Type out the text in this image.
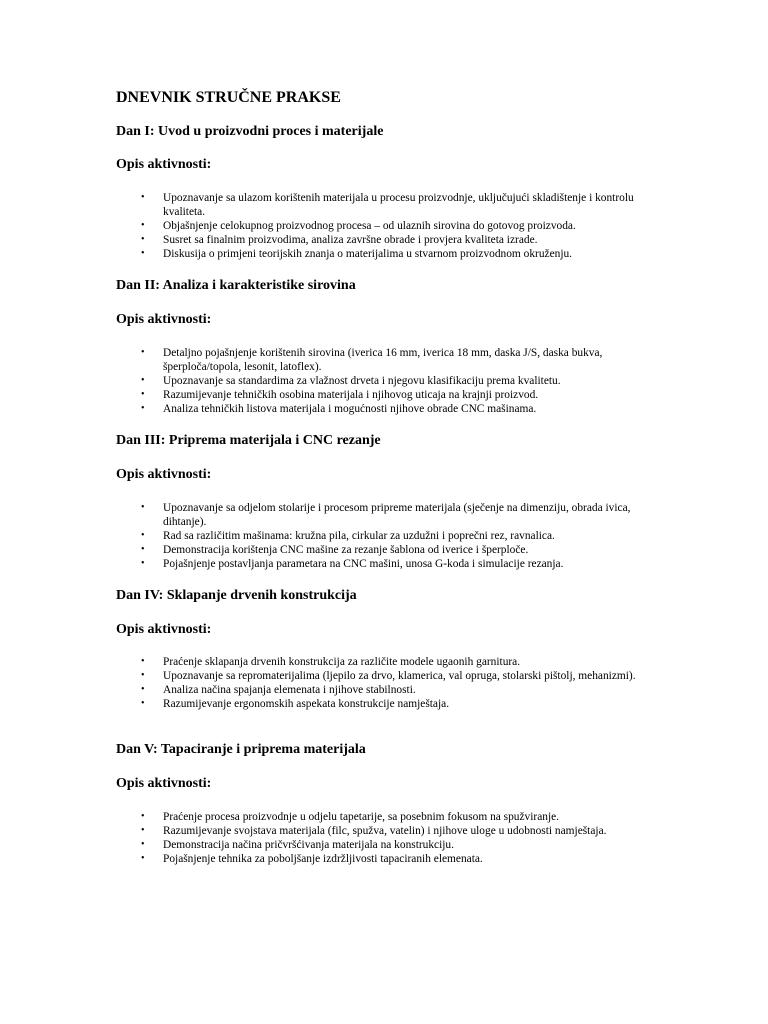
DNEVNIK STRUČNE PRAKSE
Dan I: Uvod u proizvodni proces i materijale
Opis aktivnosti:
• Upoznavanje sa ulazom korištenih materijala u procesu proizvodnje, uključujući skladištenje i kontrolu kvaliteta.
• Objašnjenje celokupnog proizvodnog procesa – od ulaznih sirovina do gotovog proizvoda.
• Susret sa finalnim proizvodima, analiza završne obrade i provjera kvaliteta izrade.
• Diskusija o primjeni teorijskih znanja o materijalima u stvarnom proizvodnom okruženju.
Dan II: Analiza i karakteristike sirovina
Opis aktivnosti:
• Detaljno pojašnjenje korištenih sirovina (iverica 16 mm, iverica 18 mm, daska J/S, daska bukva, šperploča/topola, lesonit, latoflex).
• Upoznavanje sa standardima za vlažnost drveta i njegovu klasifikaciju prema kvalitetu.
• Razumijevanje tehničkih osobina materijala i njihovog uticaja na krajnji proizvod.
• Analiza tehničkih listova materijala i mogućnosti njihove obrade CNC mašinama.
Dan III: Priprema materijala i CNC rezanje
Opis aktivnosti:
• Upoznavanje sa odjelom stolarije i procesom pripreme materijala (sječenje na dimenziju, obrada ivica, dihtanje).
• Rad sa različitim mašinama: kružna pila, cirkular za uzdužni i poprečni rez, ravnalica.
• Demonstracija korištenja CNC mašine za rezanje šablona od iverice i šperploče.
• Pojašnjenje postavljanja parametara na CNC mašini, unosa G-koda i simulacije rezanja.
Dan IV: Sklapanje drvenih konstrukcija
Opis aktivnosti:
• Praćenje sklapanja drvenih konstrukcija za različite modele ugaonih garnitura.
• Upoznavanje sa repromaterijalima (ljepilo za drvo, klamerica, val opruga, stolarski pištolj, mehanizmi).
• Analiza načina spajanja elemenata i njihove stabilnosti.
• Razumijevanje ergonomskih aspekata konstrukcije namještaja.
Dan V: Tapaciranje i priprema materijala
Opis aktivnosti:
• Praćenje procesa proizvodnje u odjelu tapetarije, sa posebnim fokusom na spužviranje.
• Razumijevanje svojstava materijala (filc, spužva, vatelin) i njihove uloge u udobnosti namještaja.
• Demonstracija načina pričvršćivanja materijala na konstrukciju.
• Pojašnjenje tehnika za poboljšanje izdržljivosti tapaciranih elemenata.
